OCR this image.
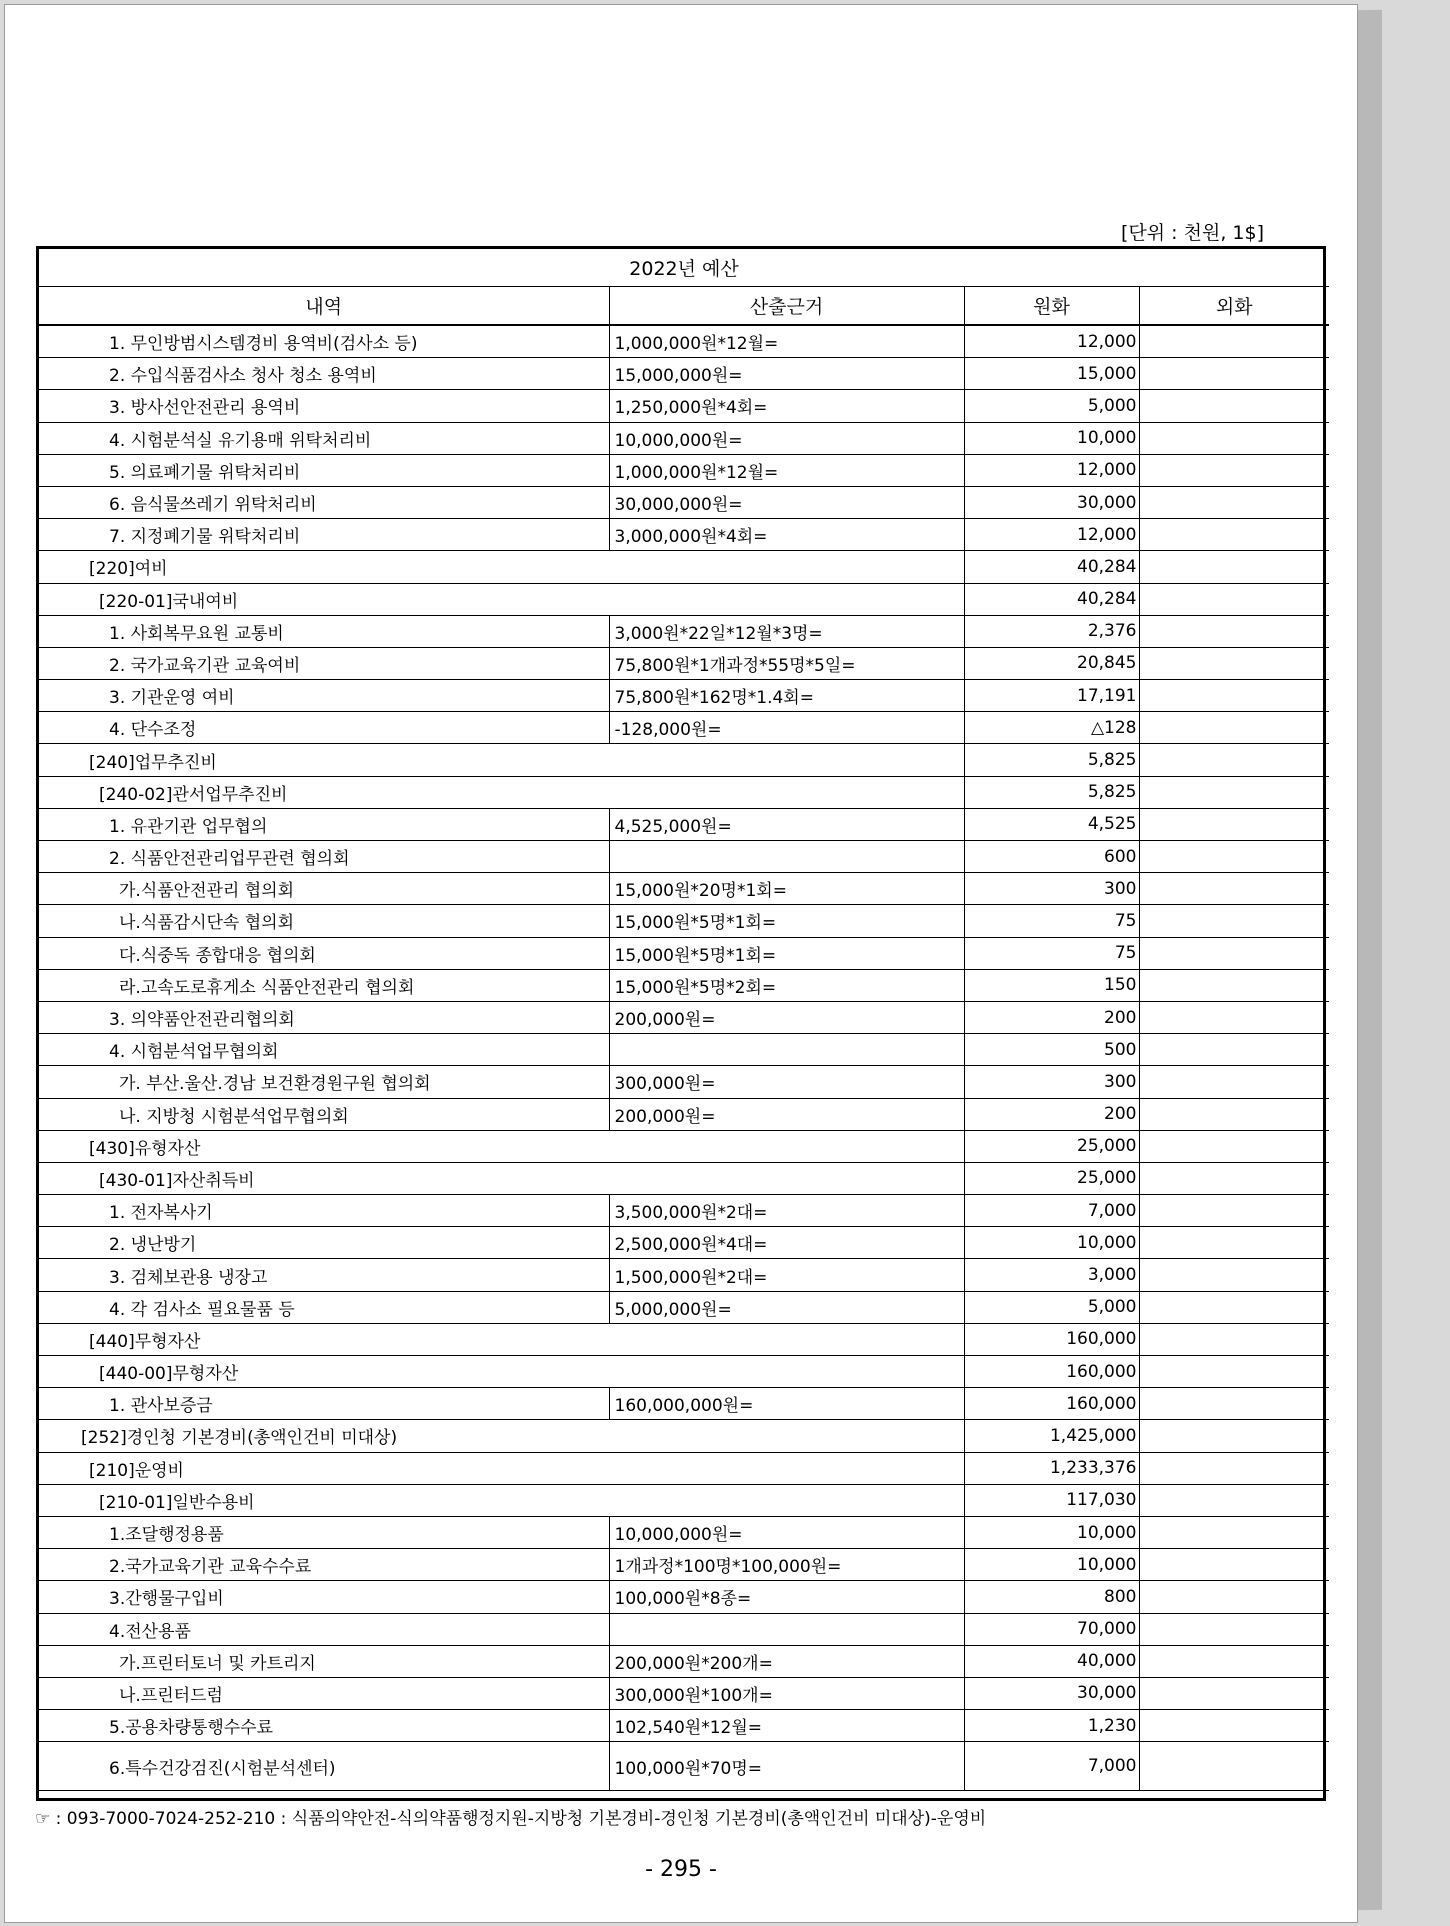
[단위 : 천원, 1$]
2022년 예산			
내역	산출근거	원화	외화
1. 무인방범시스템경비 용역비(검사소 등)	1,000,000원*12월=	12,000	
2. 수입식품검사소 청사 청소 용역비	15,000,000원=	15,000	
3. 방사선안전관리 용역비	1,250,000원*4회=	5,000	
4. 시험분석실 유기용매 위탁처리비	10,000,000원=	10,000	
5. 의료폐기물 위탁처리비	1,000,000원*12월=	12,000	
6. 음식물쓰레기 위탁처리비	30,000,000원=	30,000	
7. 지정폐기물 위탁처리비	3,000,000원*4회=	12,000	
[220]여비		40,284	
[220-01]국내여비		40,284	
1. 사회복무요원 교통비	3,000원*22일*12월*3명=	2,376	
2. 국가교육기관 교육여비	75,800원*1개과정*55명*5일=	20,845	
3. 기관운영 여비	75,800원*162명*1.4회=	17,191	
4. 단수조정	-128,000원=	△128	
[240]업무추진비		5,825	
[240-02]관서업무추진비		5,825	
1. 유관기관 업무협의	4,525,000원=	4,525	
2. 식품안전관리업무관련 협의회		600	
가.식품안전관리 협의회	15,000원*20명*1회=	300	
나.식품감시단속 협의회	15,000원*5명*1회=	75	
다.식중독 종합대응 협의회	15,000원*5명*1회=	75	
라.고속도로휴게소 식품안전관리 협의회	15,000원*5명*2회=	150	
3. 의약품안전관리협의회	200,000원=	200	
4. 시험분석업무협의회		500	
가. 부산.울산.경남 보건환경원구원 협의회	300,000원=	300	
나. 지방청 시험분석업무협의회	200,000원=	200	
[430]유형자산		25,000	
[430-01]자산취득비		25,000	
1. 전자복사기	3,500,000원*2대=	7,000	
2. 냉난방기	2,500,000원*4대=	10,000	
3. 검체보관용 냉장고	1,500,000원*2대=	3,000	
4. 각 검사소 필요물품 등	5,000,000원=	5,000	
[440]무형자산		160,000	
[440-00]무형자산		160,000	
1. 관사보증금	160,000,000원=	160,000	
[252]경인청 기본경비(총액인건비 미대상)		1,425,000	
[210]운영비		1,233,376	
[210-01]일반수용비		117,030	
1.조달행정용품	10,000,000원=	10,000	
2.국가교육기관 교육수수료	1개과정*100명*100,000원=	10,000	
3.간행물구입비	100,000원*8종=	800	
4.전산용품		70,000	
가.프린터토너 및 카트리지	200,000원*200개=	40,000	
나.프린터드럼	300,000원*100개=	30,000	
5.공용차량통행수수료	102,540원*12월=	1,230	
6.특수건강검진(시험분석센터)	100,000원*70명=	7,000	
☞ : 093-7000-7024-252-210 : 식품의약안전-식의약품행정지원-지방청 기본경비-경인청 기본경비(총액인건비 미대상)-운영비
- 295 -
